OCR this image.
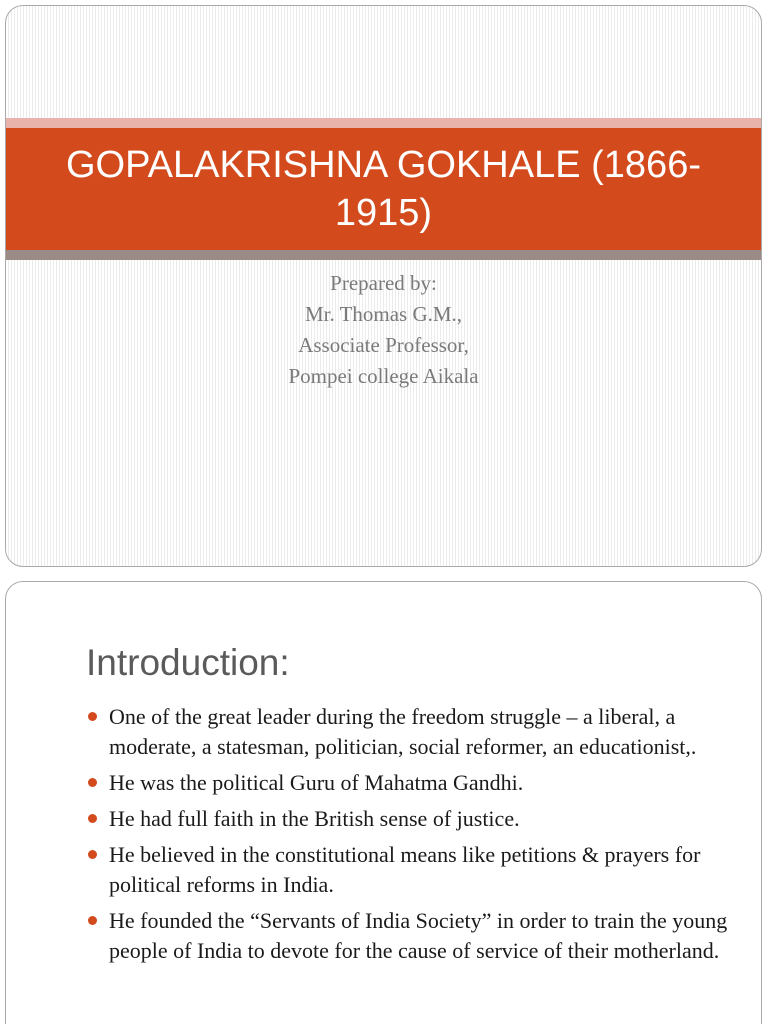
GOPALAKRISHNA GOKHALE (1866-1915)
Prepared by:
Mr. Thomas G.M.,
Associate Professor,
Pompei college Aikala
Introduction:
One of the great leader during the freedom struggle – a liberal, a moderate, a statesman, politician, social reformer, an educationist,.
He was the political Guru of Mahatma Gandhi.
He had full faith in the British sense of justice.
He believed in the constitutional means like petitions & prayers for political reforms in India.
He founded the “Servants of India Society” in order to train the young people of India to devote for the cause of service of their motherland.
